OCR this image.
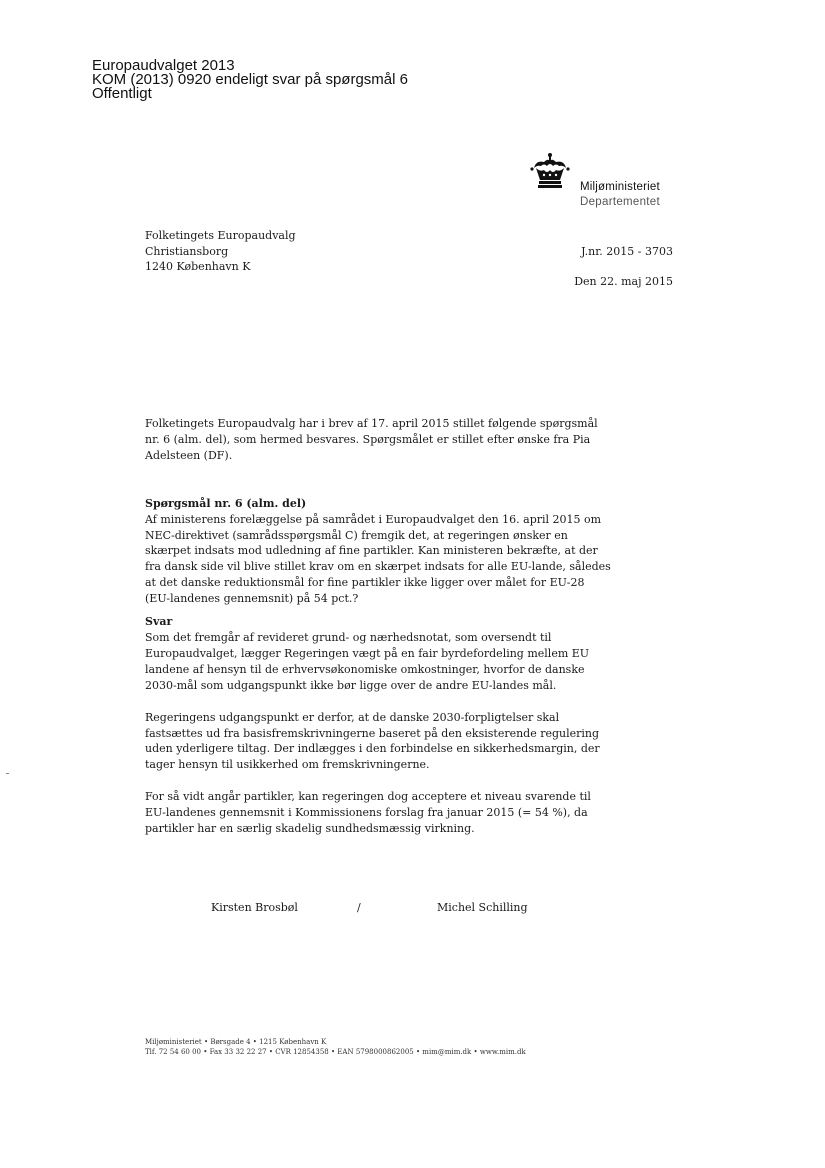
Europaudvalget 2013
KOM (2013) 0920 endeligt svar på spørgsmål 6
Offentligt
Miljøministeriet
Departementet
Folketingets Europaudvalg
Christiansborg
1240 København K
J.nr. 2015 - 3703
Den 22. maj 2015

Folketingets Europaudvalg har i brev af 17. april 2015 stillet følgende spørgsmål
nr. 6 (alm. del), som hermed besvares. Spørgsmålet er stillet efter ønske fra Pia
Adelsteen (DF).

Spørgsmål nr. 6 (alm. del)

Af ministerens forelæggelse på samrådet i Europaudvalget den 16. april 2015 om
NEC-direktivet (samrådsspørgsmål C) fremgik det, at regeringen ønsker en
skærpet indsats mod udledning af fine partikler. Kan ministeren bekræfte, at der
fra dansk side vil blive stillet krav om en skærpet indsats for alle EU-lande, således
at det danske reduktionsmål for fine partikler ikke ligger over målet for EU-28
(EU-landenes gennemsnit) på 54 pct.?

Svar

Som det fremgår af revideret grund- og nærhedsnotat, som oversendt til
Europaudvalget, lægger Regeringen vægt på en fair byrdefordeling mellem EU
landene af hensyn til de erhvervsøkonomiske omkostninger, hvorfor de danske
2030-mål som udgangspunkt ikke bør ligge over de andre EU-landes mål.

Regeringens udgangspunkt er derfor, at de danske 2030-forpligtelser skal
fastsættes ud fra basisfremskrivningerne baseret på den eksisterende regulering
uden yderligere tiltag. Der indlægges i den forbindelse en sikkerhedsmargin, der
tager hensyn til usikkerhed om fremskrivningerne.

For så vidt angår partikler, kan regeringen dog acceptere et niveau svarende til
EU-landenes gennemsnit i Kommissionens forslag fra januar 2015 (= 54 %), da
partikler har en særlig skadelig sundhedsmæssig virkning.

Kirsten Brosbøl	/	Michel Schilling
Miljøministeriet • Børsgade 4 • 1215 København K
Tlf. 72 54 60 00 • Fax 33 32 22 27 • CVR 12854358 • EAN 5798000862005 • mim@mim.dk • www.mim.dk
